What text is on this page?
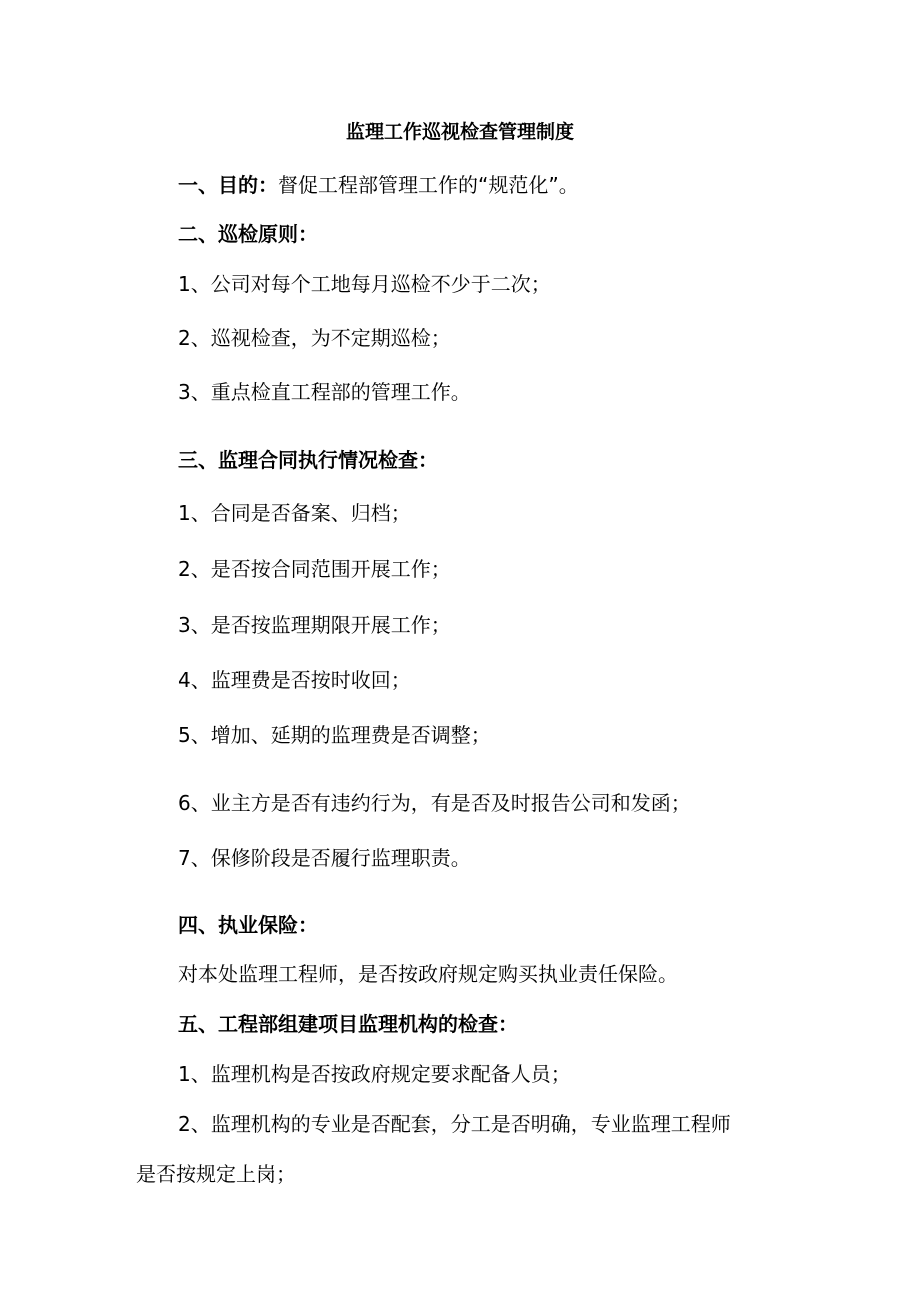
监理工作巡视检查管理制度

一、目的：督促工程部管理工作的“规范化”。

二、巡检原则：

1、公司对每个工地每月巡检不少于二次；

2、巡视检查，为不定期巡检；

3、重点检直工程部的管理工作。

三、监理合同执行情况检查：

1、合同是否备案、归档；

2、是否按合同范围开展工作；

3、是否按监理期限开展工作；

4、监理费是否按时收回；

5、增加、延期的监理费是否调整；

6、业主方是否有违约行为，有是否及时报告公司和发函；

7、保修阶段是否履行监理职责。

四、执业保险：

对本处监理工程师，是否按政府规定购买执业责任保险。

五、工程部组建项目监理机构的检查：

1、监理机构是否按政府规定要求配备人员；

2、监理机构的专业是否配套，分工是否明确，专业监理工程师

是否按规定上岗；
